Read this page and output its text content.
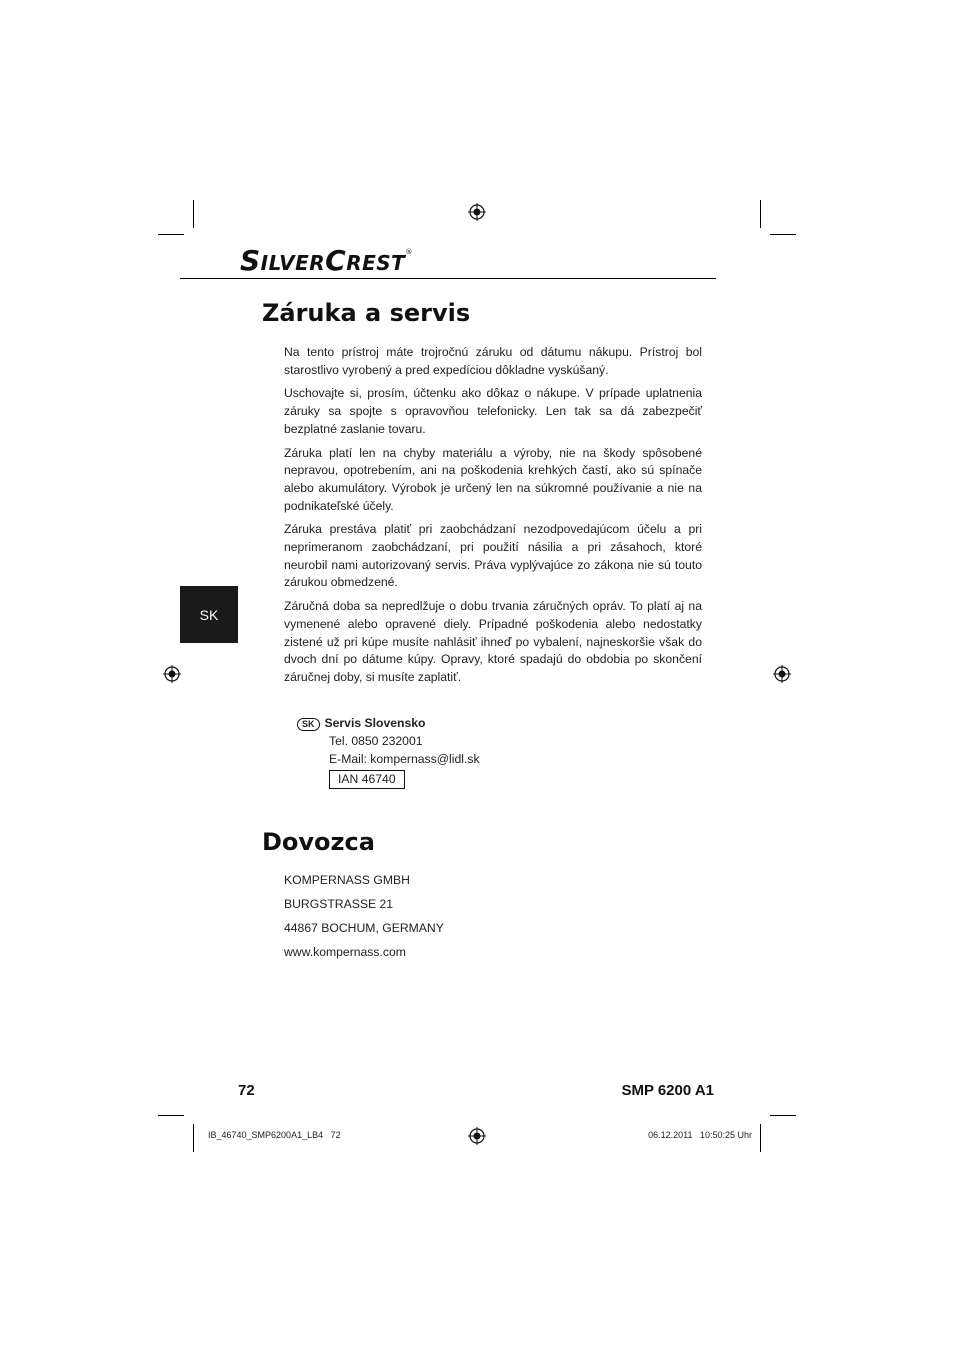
SILVERCREST®
Záruka a servis

Na tento prístroj máte trojročnú záruku od dátumu nákupu. Prístroj bol starostlivo vyrobený a pred expedíciou dôkladne vyskúšaný.

Uschovajte si, prosím, účtenku ako dôkaz o nákupe. V prípade uplatnenia záruky sa spojte s opravovňou telefonicky. Len tak sa dá zabezpečiť bezplatné zaslanie tovaru.

Záruka platí len na chyby materiálu a výroby, nie na škody spôsobené nepravou, opotrebením, ani na poškodenia krehkých častí, ako sú spínače alebo akumulátory. Výrobok je určený len na súkromné používanie a nie na podnikateľské účely.

Záruka prestáva platiť pri zaobchádzaní nezodpovedajúcom účelu a pri neprimeranom zaobchádzaní, pri použití násilia a pri zásahoch, ktoré neurobil nami autorizovaný servis. Práva vyplývajúce zo zákona nie sú touto zárukou obmedzené.

Záručná doba sa nepredlžuje o dobu trvania záručných opráv. To platí aj na vymenené alebo opravené diely. Prípadné poškodenia alebo nedostatky zistené už pri kúpe musíte nahlásiť ihneď po vybalení, najneskoršie však do dvoch dní po dátume kúpy. Opravy, ktoré spadajú do obdobia po skončení záručnej doby, si musíte zaplatiť.

SK
SK Servis Slovensko
Tel. 0850 232001
E-Mail: kompernass@lidl.sk
IAN 46740
Dovozca
KOMPERNASS GMBH
BURGSTRASSE 21
44867 BOCHUM, GERMANY
www.kompernass.com
72	SMP 6200 A1
IB_46740_SMP6200A1_LB4   72	06.12.2011   10:50:25 Uhr
